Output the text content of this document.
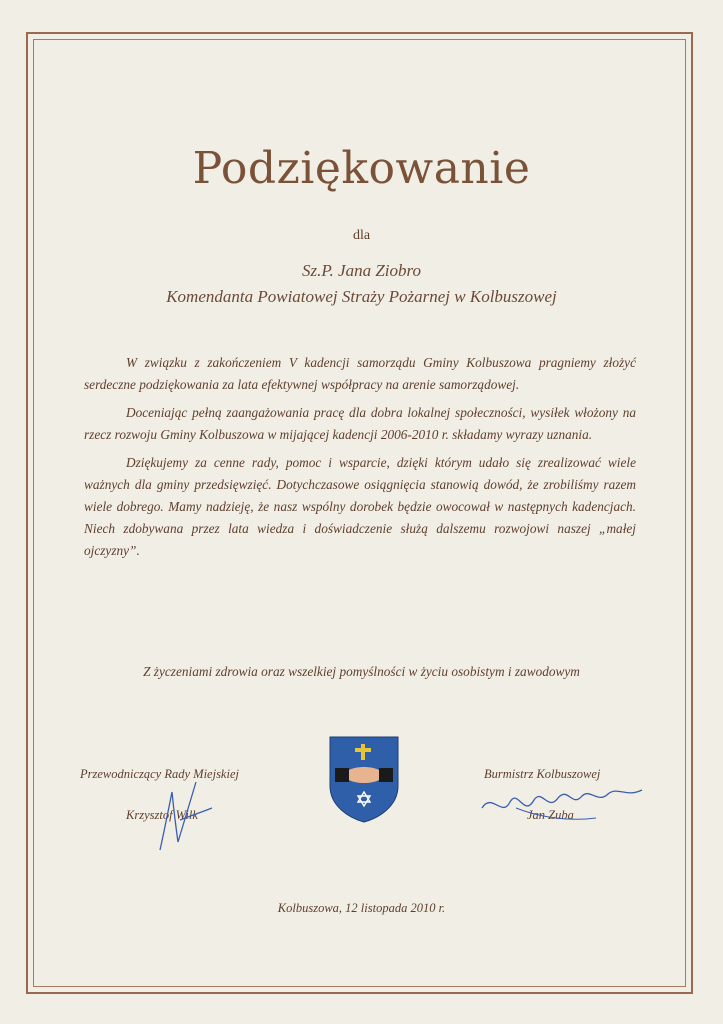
Podziękowanie
dla
Sz.P. Jana Ziobro
Komendanta Powiatowej Straży Pożarnej w Kolbuszowej

W związku z zakończeniem V kadencji samorządu Gminy Kolbuszowa pragniemy złożyć serdeczne podziękowania za lata efektywnej współpracy na arenie samorządowej.

Doceniając pełną zaangażowania pracę dla dobra lokalnej społeczności, wysiłek włożony na rzecz rozwoju Gminy Kolbuszowa w mijającej kadencji 2006-2010 r. składamy wyrazy uznania.

Dziękujemy za cenne rady, pomoc i wsparcie, dzięki którym udało się zrealizować wiele ważnych dla gminy przedsięwzięć. Dotychczasowe osiągnięcia stanowią dowód, że zrobiliśmy razem wiele dobrego. Mamy nadzieję, że nasz wspólny dorobek będzie owocował w następnych kadencjach. Niech zdobywana przez lata wiedza i doświadczenie służą dalszemu rozwojowi naszej „małej ojczyzny”.

Z życzeniami zdrowia oraz wszelkiej pomyślności w życiu osobistym i zawodowym
Przewodniczący Rady Miejskiej
Krzysztof Wilk
Burmistrz Kolbuszowej
Jan Zuba
Kolbuszowa, 12 listopada 2010 r.
